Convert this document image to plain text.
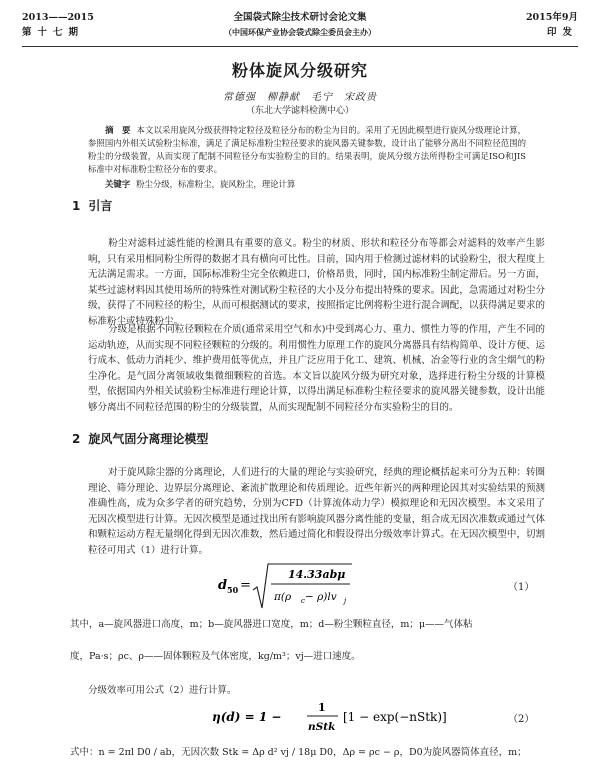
2013——2015
第十七期
全国袋式除尘技术研讨会论文集
（中国环保产业协会袋式除尘委员会主办）
2015年9月
印发
粉体旋风分级研究
常德强　柳静献　毛宁　宋政贵
（东北大学滤料检测中心）
摘　要 本文以采用旋风分级获得特定粒径及粒径分布的粉尘为目的。采用了无因此模型进行旋风分级理论计算，参照国内外相关试验粉尘标准，满足了满足标准粉尘粒径要求的旋风器关键参数，设计出了能够分离出不同粒径范围的粉尘的分级装置，从而实现了配制不同粒径分布实验粉尘的目的。结果表明，旋风分级方法所得粉尘可满足ISO和JIS标准中对标准粉尘粒径分布的要求。
关键字 粉尘分级，标准粉尘，旋风粉尘，理论计算
1 引言
粉尘对滤料过滤性能的检测具有重要的意义。粉尘的材质、形状和粒径分布等都会对滤料的效率产生影响，只有采用相同粉尘所得的数据才具有横向可比性。目前，国内用于检测过滤材料的试验粉尘，很大程度上无法满足需求。一方面，国际标准粉尘完全依赖进口，价格昂贵，同时，国内标准粉尘制定滞后。另一方面，某些过滤材料因其使用场所的特殊性对测试粉尘粒径的大小及分布提出特殊的要求。因此，急需通过对粉尘分级，获得了不同粒径的粉尘，从而可根据测试的要求，按照指定比例将粉尘进行混合调配，以获得满足要求的标准粉尘或特殊粉尘。
分级是根据不同粒径颗粒在介质(通常采用空气和水)中受到离心力、重力、惯性力等的作用，产生不同的运动轨迹，从而实现不同粒径颗粒的分级的。利用惯性力原理工作的旋风分离器具有结构简单、设计方便、运行成本、低动力消耗少、维护费用低等优点，并且广泛应用于化工、建筑、机械、冶金等行业的含尘烟气的粉尘净化。是气固分离领域收集微细颗粒的首选。本文旨以旋风分级为研究对象，选择进行粉尘分级的计算模型，依据国内外相关试验粉尘标准进行理论计算，以得出满足标准粉尘粒径要求的旋风器关键参数，设计出能够分离出不同粒径范围的粉尘的分级装置，从而实现配制不同粒径分布实验粉尘的目的。
2 旋风气固分离理论模型
对于旋风除尘器的分离理论，人们进行的大量的理论与实验研究，经典的理论概括起来可分为五种：转圈理论、筛分理论、边界层分离理论、紊流扩散理论和传质理论。近些年新兴的两种理论因其对实验结果的预测准确性高，成为众多学者的研究趋势，分别为CFD（计算流体动力学）模拟理论和无因次模型。本文采用了无因次模型进行计算。无因次模型是通过找出所有影响旋风器分离性能的变量，组合成无因次准数或通过气体和颗粒运动方程无量纲化得到无因次准数，然后通过简化和假设得出分级效率计算式。在无因次模型中，切割粒径可用式（1）进行计算。
d 50 =
14.33abμ
π(ρ c − ρ)lv j
（1）
其中，a—旋风器进口高度，m；b—旋风器进口宽度，m；d—粉尘颗粒直径，m；μ——气体粘
度，Pa·s；ρc、ρ——固体颗粒及气体密度，kg/m³；vj—进口速度。
分级效率可用公式（2）进行计算。
η(d) = 1 −
1
nStk
[1 − exp(−nStk)]	（2）
式中：n = 2πl D0 / ab，无因次数 Stk = Δρ d² vj / 18μ D0，Δρ = ρc − ρ，D0为旋风器筒体直径，m；
